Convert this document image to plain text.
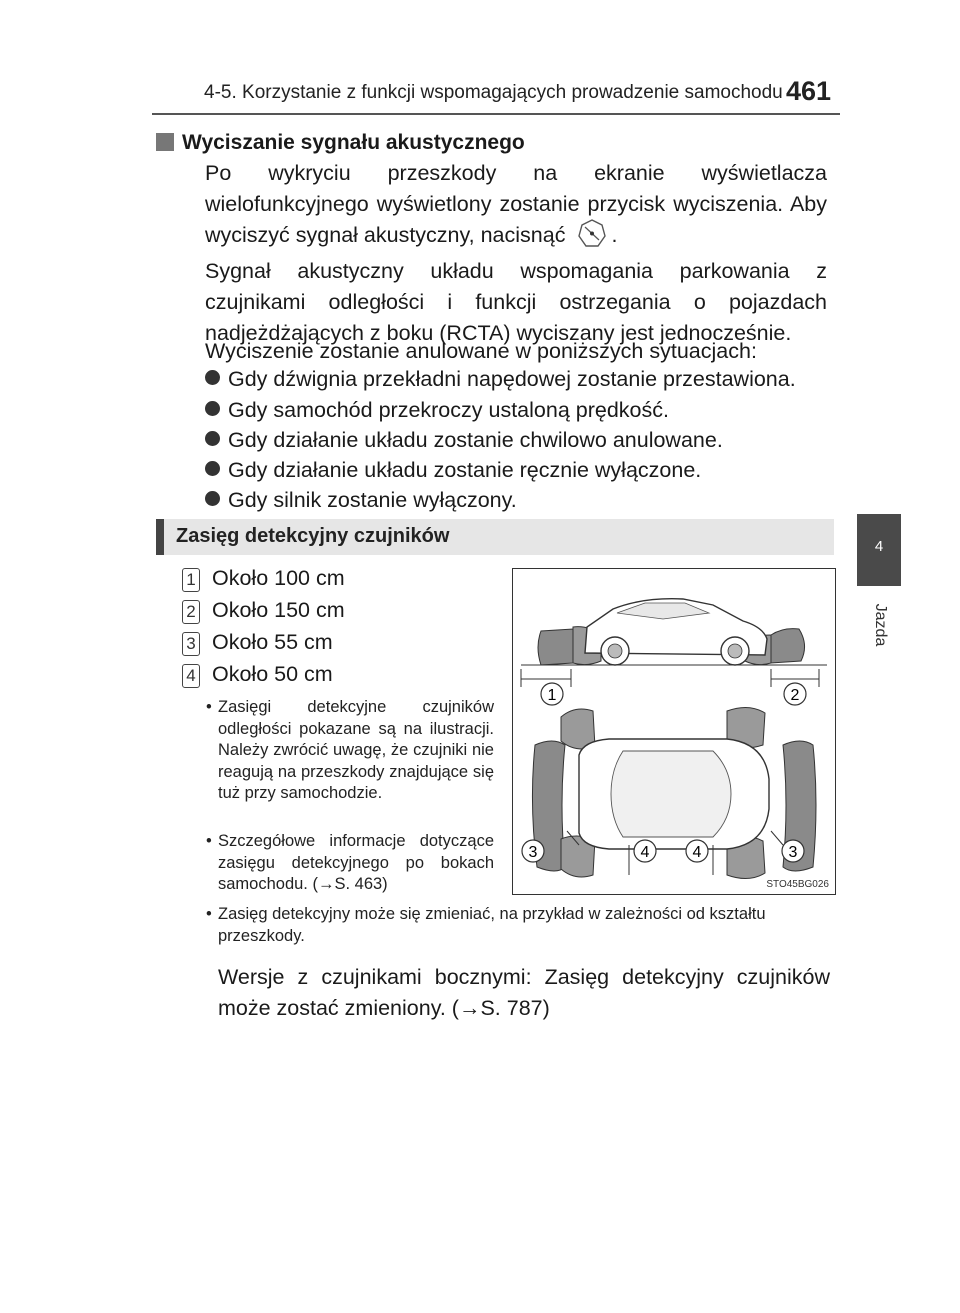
4-5. Korzystanie z funkcji wspomagających prowadzenie samochodu 461
4
Jazda
Wyciszanie sygnału akustycznego
Po wykryciu przeszkody na ekranie wyświetlacza wielofunkcyjnego wyświetlony zostanie przycisk wyciszenia. Aby wyciszyć sygnał akustyczny, nacisnąć .
Sygnał akustyczny układu wspomagania parkowania z czujnikami odległości i funkcji ostrzegania o pojazdach nadjeżdżających z boku (RCTA) wyciszany jest jednocześnie.
Wyciszenie zostanie anulowane w poniższych sytuacjach:
Gdy dźwignia przekładni napędowej zostanie przestawiona.
Gdy samochód przekroczy ustaloną prędkość.
Gdy działanie układu zostanie chwilowo anulowane.
Gdy działanie układu zostanie ręcznie wyłączone.
Gdy silnik zostanie wyłączony.
Zasięg detekcyjny czujników
1 Około 100 cm
2 Około 150 cm
3 Około 55 cm
4 Około 50 cm
• Zasięgi detekcyjne czujników odległości pokazane są na ilustracji. Należy zwrócić uwagę, że czujniki nie reagują na przeszkody znajdujące się tuż przy samochodzie.
• Szczegółowe informacje dotyczące zasięgu detekcyjnego po bokach samochodu. (→S. 463)
• Zasięg detekcyjny może się zmieniać, na przykład w zależności od kształtu przeszkody.
1	2
3	4	4	3
STO45BG026
Wersje z czujnikami bocznymi: Zasięg detekcyjny czujników może zostać zmieniony. (→S. 787)
